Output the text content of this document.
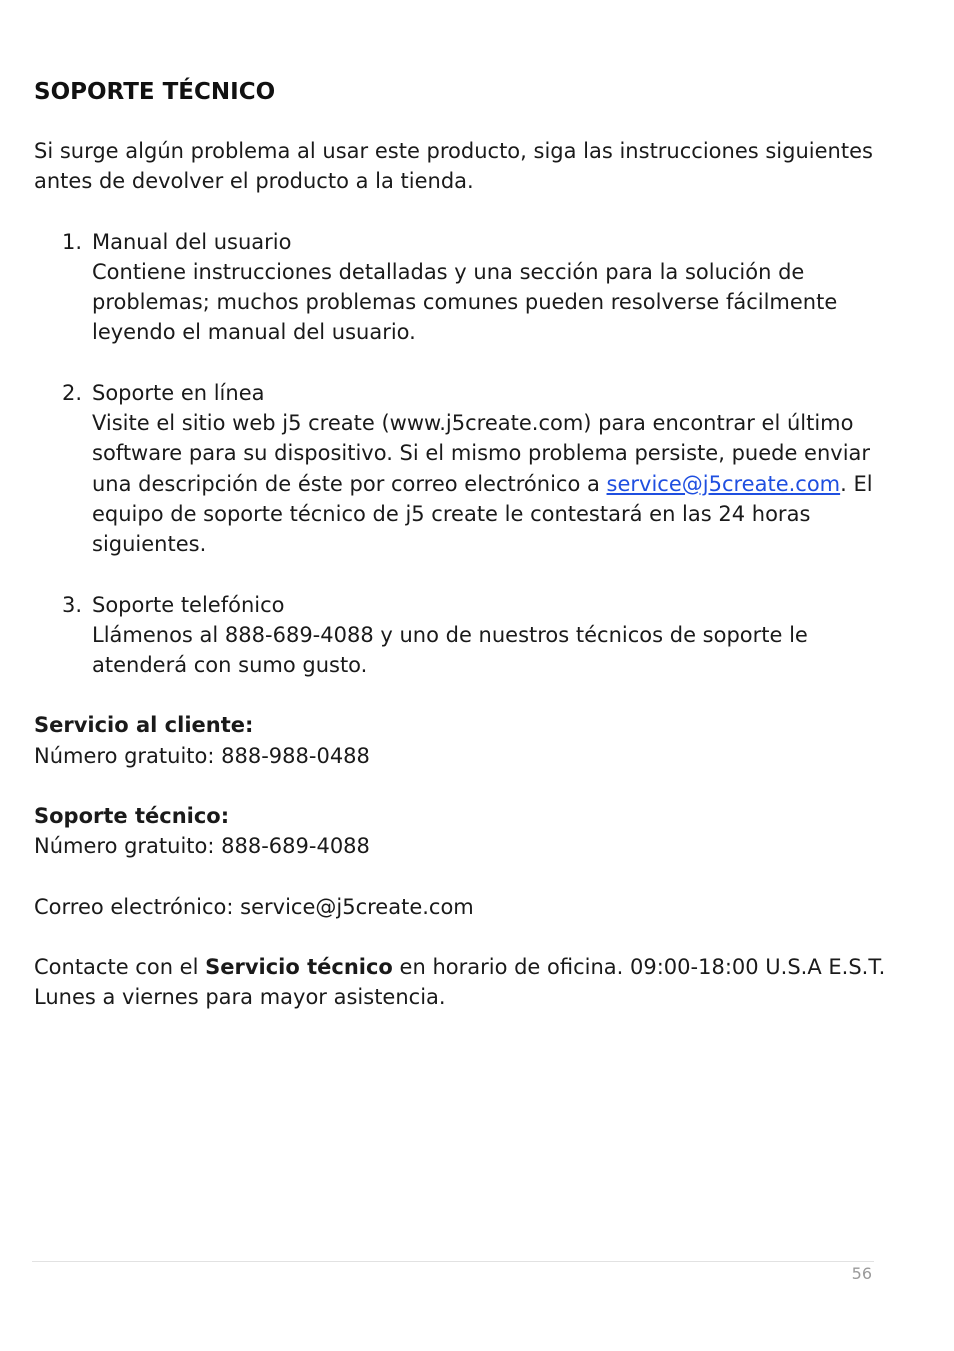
SOPORTE TÉCNICO

Si surge algún problema al usar este producto, siga las instrucciones siguientes antes de devolver el producto a la tienda.

1. Manual del usuario
Contiene instrucciones detalladas y una sección para la solución de problemas; muchos problemas comunes pueden resolverse fácilmente leyendo el manual del usuario.
2. Soporte en línea
Visite el sitio web j5 create (www.j5create.com) para encontrar el último software para su dispositivo. Si el mismo problema persiste, puede enviar una descripción de éste por correo electrónico a service@j5create.com. El equipo de soporte técnico de j5 create le contestará en las 24 horas siguientes.
3. Soporte telefónico
Llámenos al 888-689-4088 y uno de nuestros técnicos de soporte le atenderá con sumo gusto.
Servicio al cliente:
Número gratuito: 888-988-0488
Soporte técnico:
Número gratuito: 888-689-4088

Correo electrónico: service@j5create.com

Contacte con el Servicio técnico en horario de oficina. 09:00-18:00 U.S.A E.S.T. Lunes a viernes para mayor asistencia.

56
